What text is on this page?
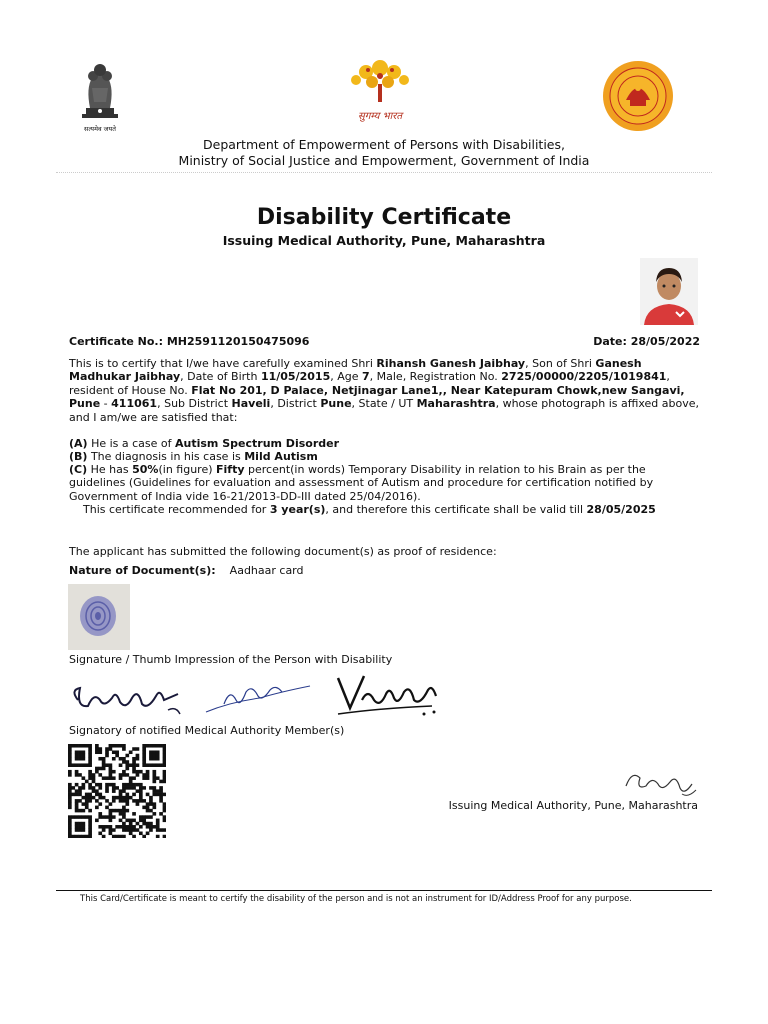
सत्यमेव जयते
सुगम्य भारत
Department of Empowerment of Persons with Disabilities,
Ministry of Social Justice and Empowerment, Government of India
Disability Certificate
Issuing Medical Authority, Pune, Maharashtra
Certificate No.: MH2591120150475096	Date: 28/05/2022
This is to certify that I/we have carefully examined Shri Rihansh Ganesh Jaibhay, Son of Shri Ganesh Madhukar Jaibhay, Date of Birth 11/05/2015, Age 7, Male, Registration No. 2725/00000/2205/1019841, resident of House No. Flat No 201, D Palace, Netjinagar Lane1,, Near Katepuram Chowk,new Sangavi, Pune - 411061, Sub District Haveli, District Pune, State / UT Maharashtra, whose photograph is affixed above, and I am/we are satisfied that:
(A) He is a case of Autism Spectrum Disorder
(B) The diagnosis in his case is Mild Autism
(C) He has 50%(in figure) Fifty percent(in words) Temporary Disability in relation to his Brain as per the guidelines (Guidelines for evaluation and assessment of Autism and procedure for certification notified by Government of India vide 16-21/2013-DD-III dated 25/04/2016).
This certificate recommended for 3 year(s), and therefore this certificate shall be valid till 28/05/2025
The applicant has submitted the following document(s) as proof of residence:
Nature of Document(s): Aadhaar card
Signature / Thumb Impression of the Person with Disability
Signatory of notified Medical Authority Member(s)
Issuing Medical Authority, Pune, Maharashtra
This Card/Certificate is meant to certify the disability of the person and is not an instrument for ID/Address Proof for any purpose.
